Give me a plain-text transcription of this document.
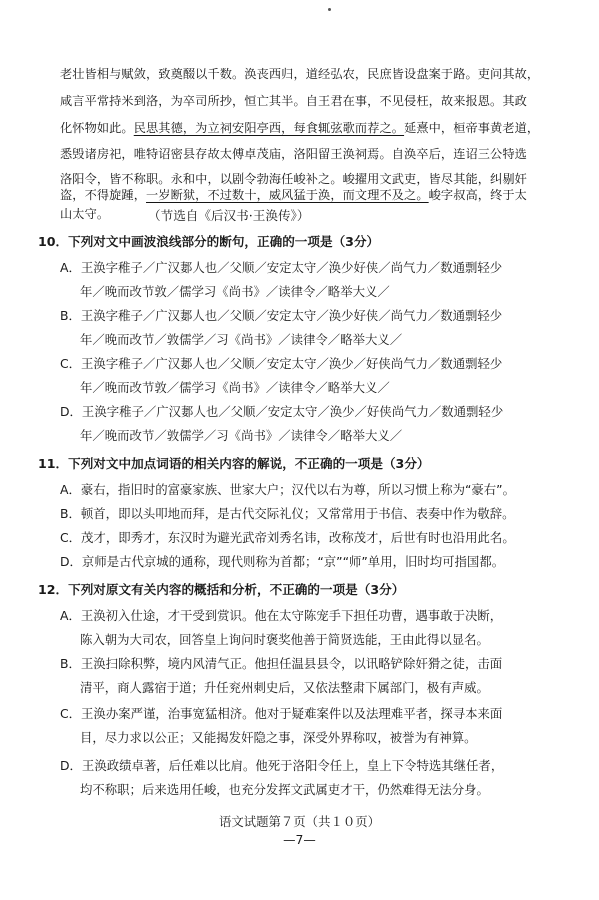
老壮皆相与赋敛，致奠醊以千数。涣丧西归，道经弘农，民庶皆设盘案于路。吏问其故，
咸言平常持米到洛，为卒司所抄，恒亡其半。自王君在事，不见侵枉，故来报恩。其政
化怀物如此。民思其德，为立祠安阳亭西，每食辄弦歌而荐之。延熹中，桓帝事黄老道，
悉毁诸房祀，唯特诏密县存故太傅卓茂庙，洛阳留王涣祠焉。自涣卒后，连诏三公特选
洛阳令，皆不称职。永和中，以剧令勃海任峻补之。峻擢用文武吏，皆尽其能，纠剔奸
盗，不得旋踵，一岁断狱，不过数十，威风猛于涣，而文理不及之。峻字叔高，终于太
山太守。	（节选自《后汉书·王涣传》）
10．下列对文中画波浪线部分的断句，正确的一项是（3分）
A．王涣字稚子／广汉郪人也／父顺／安定太守／涣少好侠／尚气力／数通剽轻少
年／晚而改节敦／儒学习《尚书》／读律令／略举大义／
B．王涣字稚子／广汉郪人也／父顺／安定太守／涣少好侠／尚气力／数通剽轻少
年／晚而改节／敦儒学／习《尚书》／读律令／略举大义／
C．王涣字稚子／广汉郪人也／父顺／安定太守／涣少／好侠尚气力／数通剽轻少
年／晚而改节敦／儒学习《尚书》／读律令／略举大义／
D．王涣字稚子／广汉郪人也／父顺／安定太守／涣少／好侠尚气力／数通剽轻少
年／晚而改节／敦儒学／习《尚书》／读律令／略举大义／
11．下列对文中加点词语的相关内容的解说，不正确的一项是（3分）
A．豪右，指旧时的富豪家族、世家大户；汉代以右为尊，所以习惯上称为“豪右”。
B．顿首，即以头叩地而拜，是古代交际礼仪；又常常用于书信、表奏中作为敬辞。
C．茂才，即秀才，东汉时为避光武帝刘秀名讳，改称茂才，后世有时也沿用此名。
D．京师是古代京城的通称，现代则称为首都；“京”“师”单用，旧时均可指国都。
12．下列对原文有关内容的概括和分析，不正确的一项是（3分）
A．王涣初入仕途，才干受到赏识。他在太守陈宠手下担任功曹，遇事敢于决断，
陈入朝为大司农，回答皇上询问时褒奖他善于简贤选能，王由此得以显名。
B．王涣扫除积弊，境内风清气正。他担任温县县令，以讯略铲除奸猾之徒，击面
清平，商人露宿于道；升任兖州刺史后，又依法整肃下属部门，极有声威。
C．王涣办案严谨，治事宽猛相济。他对于疑难案件以及法理难平者，探寻本来面
目，尽力求以公正；又能揭发奸隐之事，深受外界称叹，被誉为有神算。
D．王涣政绩卓著，后任难以比肩。他死于洛阳令任上，皇上下令特选其继任者，
均不称职；后来选用任峻，也充分发挥文武属吏才干，仍然难得无法分身。
语文试题第７页（共１０页）
—7—
